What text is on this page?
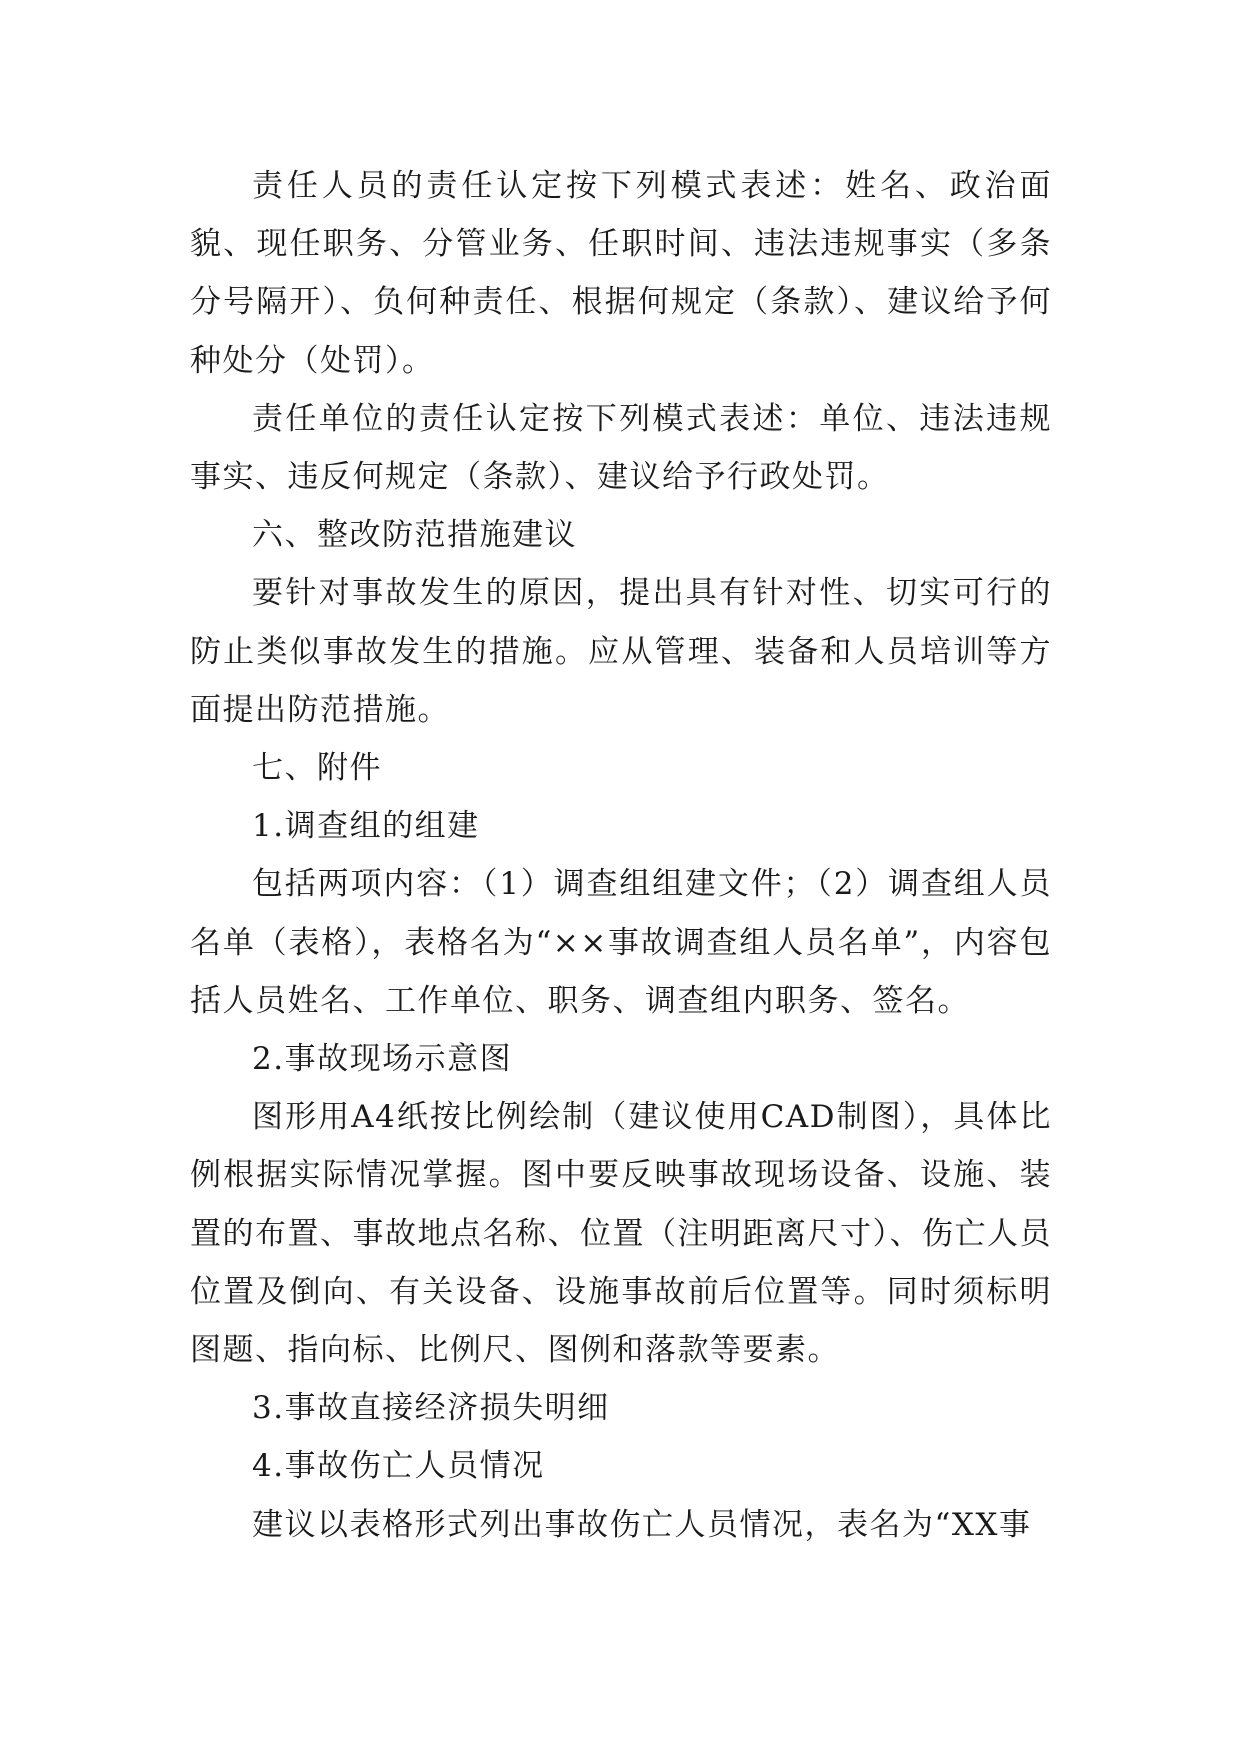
责任人员的责任认定按下列模式表述：姓名、政治面貌、现任职务、分管业务、任职时间、违法违规事实（多条分号隔开）、负何种责任、根据何规定（条款）、建议给予何种处分（处罚）。

责任单位的责任认定按下列模式表述：单位、违法违规事实、违反何规定（条款）、建议给予行政处罚。

六、整改防范措施建议

要针对事故发生的原因，提出具有针对性、切实可行的防止类似事故发生的措施。应从管理、装备和人员培训等方面提出防范措施。

七、附件

1.调查组的组建

包括两项内容：（1）调查组组建文件；（2）调查组人员名单（表格），表格名为“××事故调查组人员名单”，内容包括人员姓名、工作单位、职务、调查组内职务、签名。

2.事故现场示意图

图形用A4纸按比例绘制（建议使用CAD制图），具体比例根据实际情况掌握。图中要反映事故现场设备、设施、装置的布置、事故地点名称、位置（注明距离尺寸）、伤亡人员位置及倒向、有关设备、设施事故前后位置等。同时须标明图题、指向标、比例尺、图例和落款等要素。

3.事故直接经济损失明细

4.事故伤亡人员情况

建议以表格形式列出事故伤亡人员情况，表名为“XX事
